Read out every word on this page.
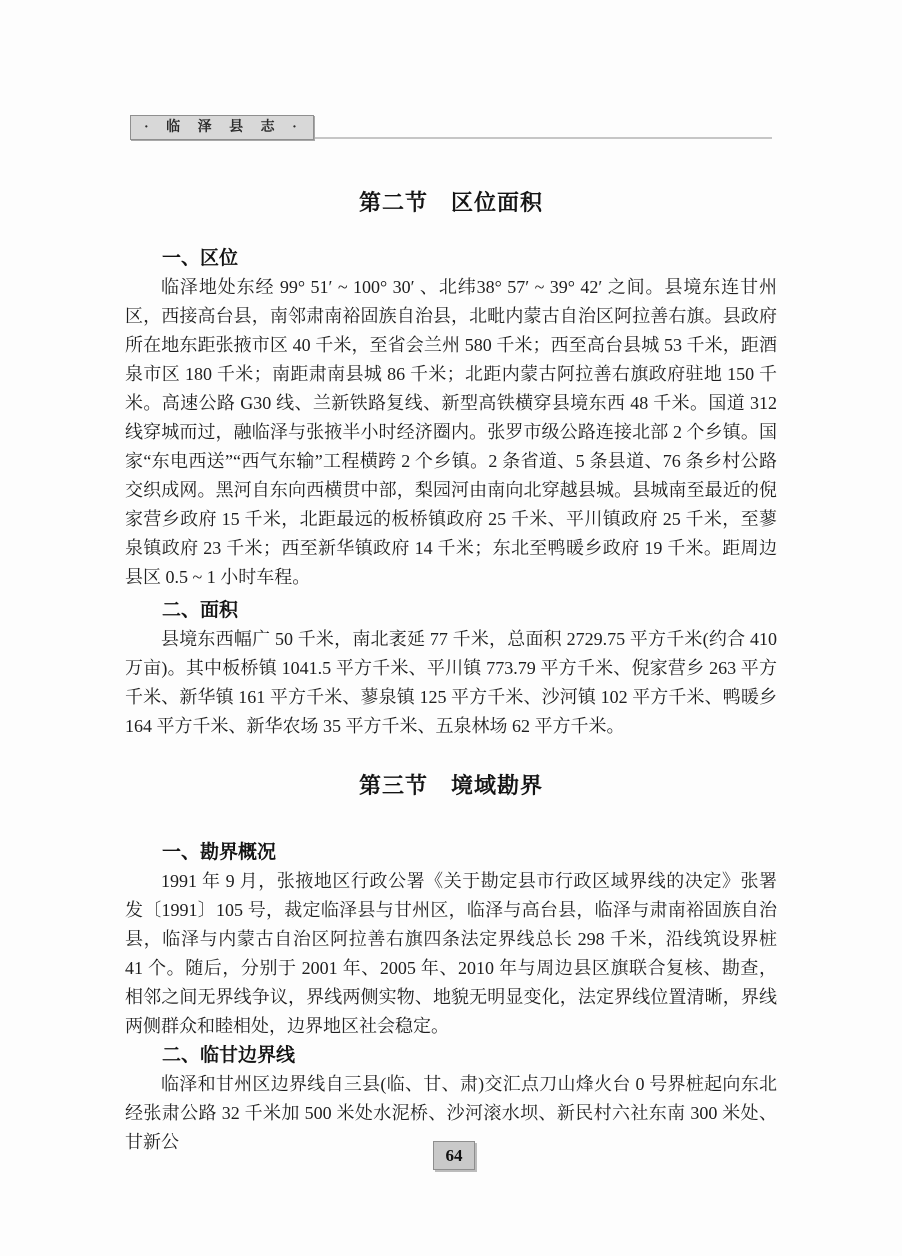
· 临 泽 县 志 ·
第二节　区位面积
一、区位

临泽地处东经 99° 51′ ~ 100° 30′ 、北纬38° 57′ ~ 39° 42′ 之间。县境东连甘州区，西接高台县，南邻肃南裕固族自治县，北毗内蒙古自治区阿拉善右旗。县政府所在地东距张掖市区 40 千米，至省会兰州 580 千米；西至高台县城 53 千米，距酒泉市区 180 千米；南距肃南县城 86 千米；北距内蒙古阿拉善右旗政府驻地 150 千米。高速公路 G30 线、兰新铁路复线、新型高铁横穿县境东西 48 千米。国道 312 线穿城而过，融临泽与张掖半小时经济圈内。张罗市级公路连接北部 2 个乡镇。国家“东电西送”“西气东输”工程横跨 2 个乡镇。2 条省道、5 条县道、76 条乡村公路交织成网。黑河自东向西横贯中部，梨园河由南向北穿越县城。县城南至最近的倪家营乡政府 15 千米，北距最远的板桥镇政府 25 千米、平川镇政府 25 千米，至蓼泉镇政府 23 千米；西至新华镇政府 14 千米；东北至鸭暖乡政府 19 千米。距周边县区 0.5 ~ 1 小时车程。

二、面积

县境东西幅广 50 千米，南北袤延 77 千米，总面积 2729.75 平方千米(约合 410 万亩)。其中板桥镇 1041.5 平方千米、平川镇 773.79 平方千米、倪家营乡 263 平方千米、新华镇 161 平方千米、蓼泉镇 125 平方千米、沙河镇 102 平方千米、鸭暖乡 164 平方千米、新华农场 35 平方千米、五泉林场 62 平方千米。

第三节　境域勘界
一、勘界概况

1991 年 9 月，张掖地区行政公署《关于勘定县市行政区域界线的决定》张署发〔1991〕105 号，裁定临泽县与甘州区，临泽与高台县，临泽与肃南裕固族自治县，临泽与内蒙古自治区阿拉善右旗四条法定界线总长 298 千米，沿线筑设界桩 41 个。随后，分别于 2001 年、2005 年、2010 年与周边县区旗联合复核、勘查，相邻之间无界线争议，界线两侧实物、地貌无明显变化，法定界线位置清晰，界线两侧群众和睦相处，边界地区社会稳定。

二、临甘边界线

临泽和甘州区边界线自三县(临、甘、肃)交汇点刀山烽火台 0 号界桩起向东北经张肃公路 32 千米加 500 米处水泥桥、沙河滚水坝、新民村六社东南 300 米处、甘新公

64
